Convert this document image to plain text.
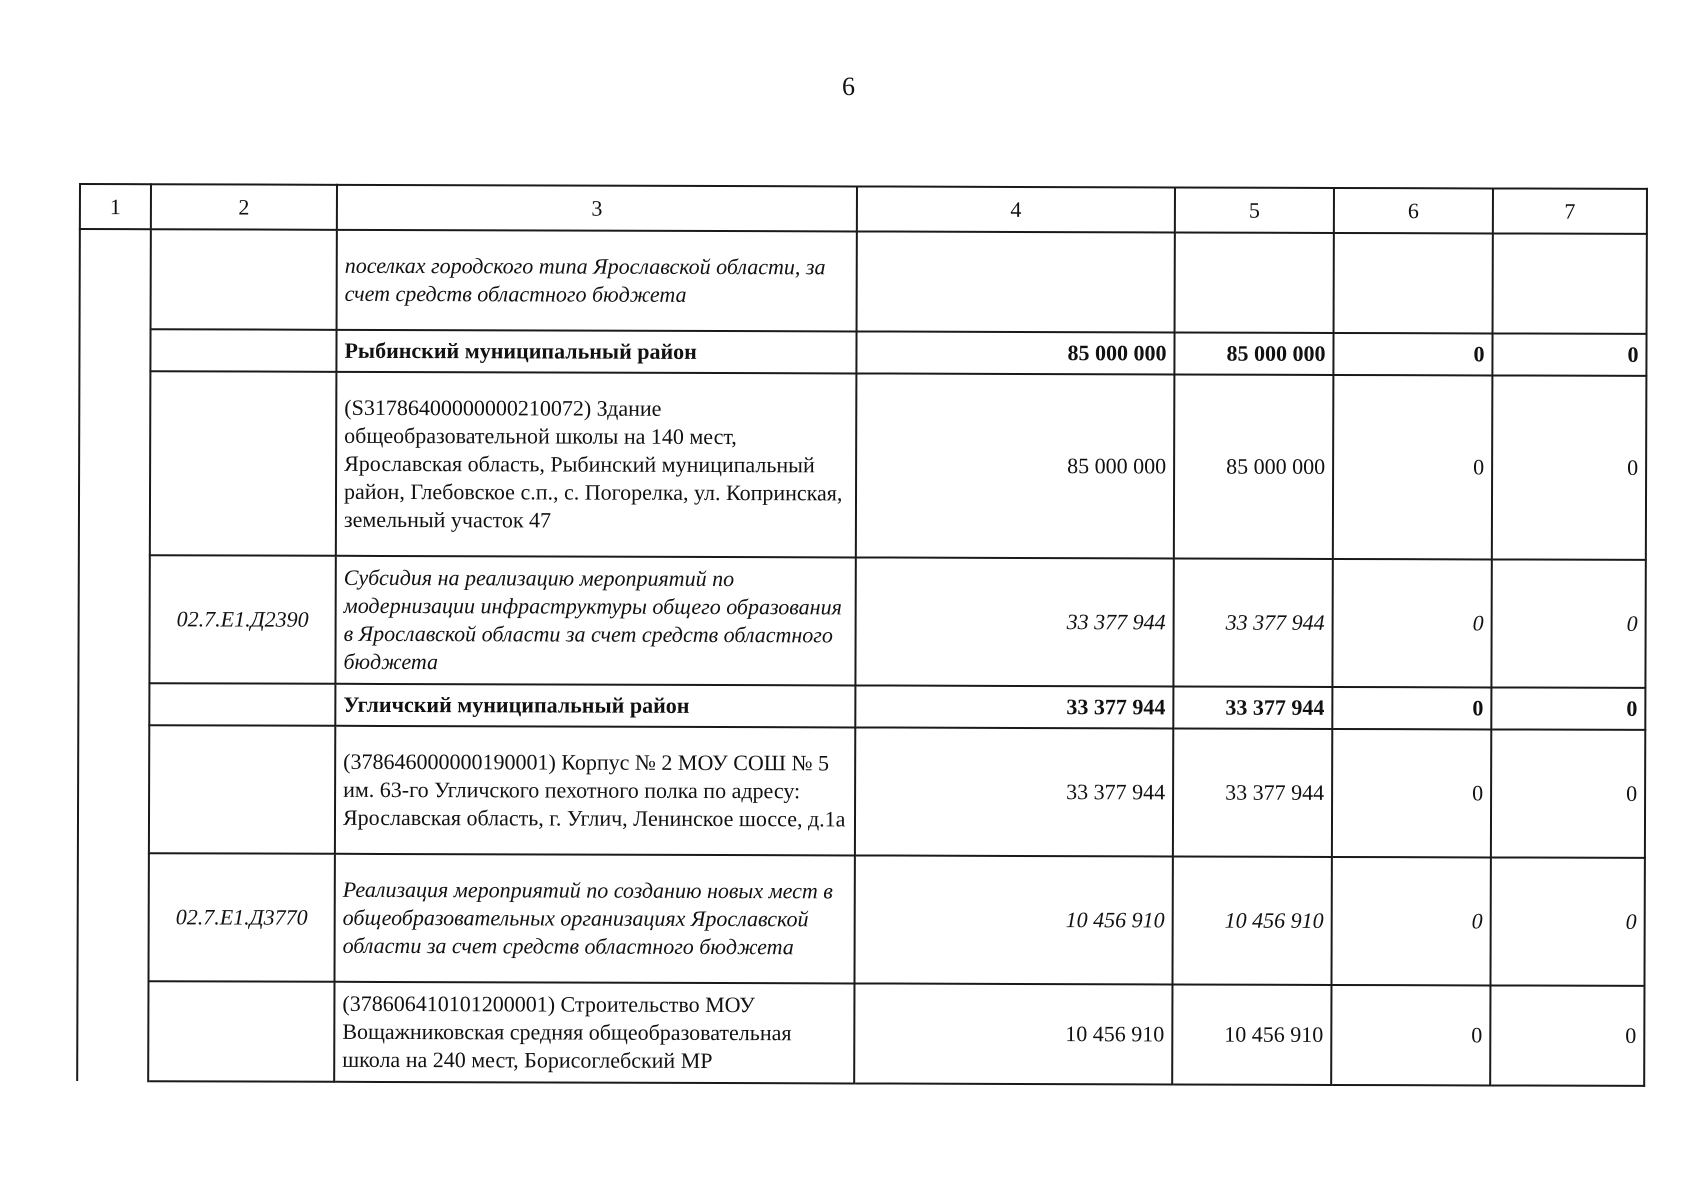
6
1	2	3	4	5	6	7
		поселках городского типа Ярославской области, за счет средств областного бюджета				
		Рыбинский муниципальный район	85 000 000	85 000 000	0	0
		(S31786400000000210072) Здание общеобразовательной школы на 140 мест, Ярославская область, Рыбинский муниципальный район, Глебовское с.п., с. Погорелка, ул. Копринская, земельный участок 47	85 000 000	85 000 000	0	0
	02.7.E1.Д2390	Субсидия на реализацию мероприятий по модернизации инфраструктуры общего образования в Ярославской области за счет средств областного бюджета	33 377 944	33 377 944	0	0
		Угличский муниципальный район	33 377 944	33 377 944	0	0
		(378646000000190001) Корпус № 2 МОУ СОШ № 5 им. 63-го Угличского пехотного полка по адресу: Ярославская область, г. Углич, Ленинское шоссе, д.1а	33 377 944	33 377 944	0	0
	02.7.E1.Д3770	Реализация мероприятий по созданию новых мест в общеобразовательных организациях Ярославской области за счет средств областного бюджета	10 456 910	10 456 910	0	0
		(378606410101200001) Строительство МОУ Вощажниковская средняя общеобразовательная школа на 240 мест, Борисоглебский МР	10 456 910	10 456 910	0	0
